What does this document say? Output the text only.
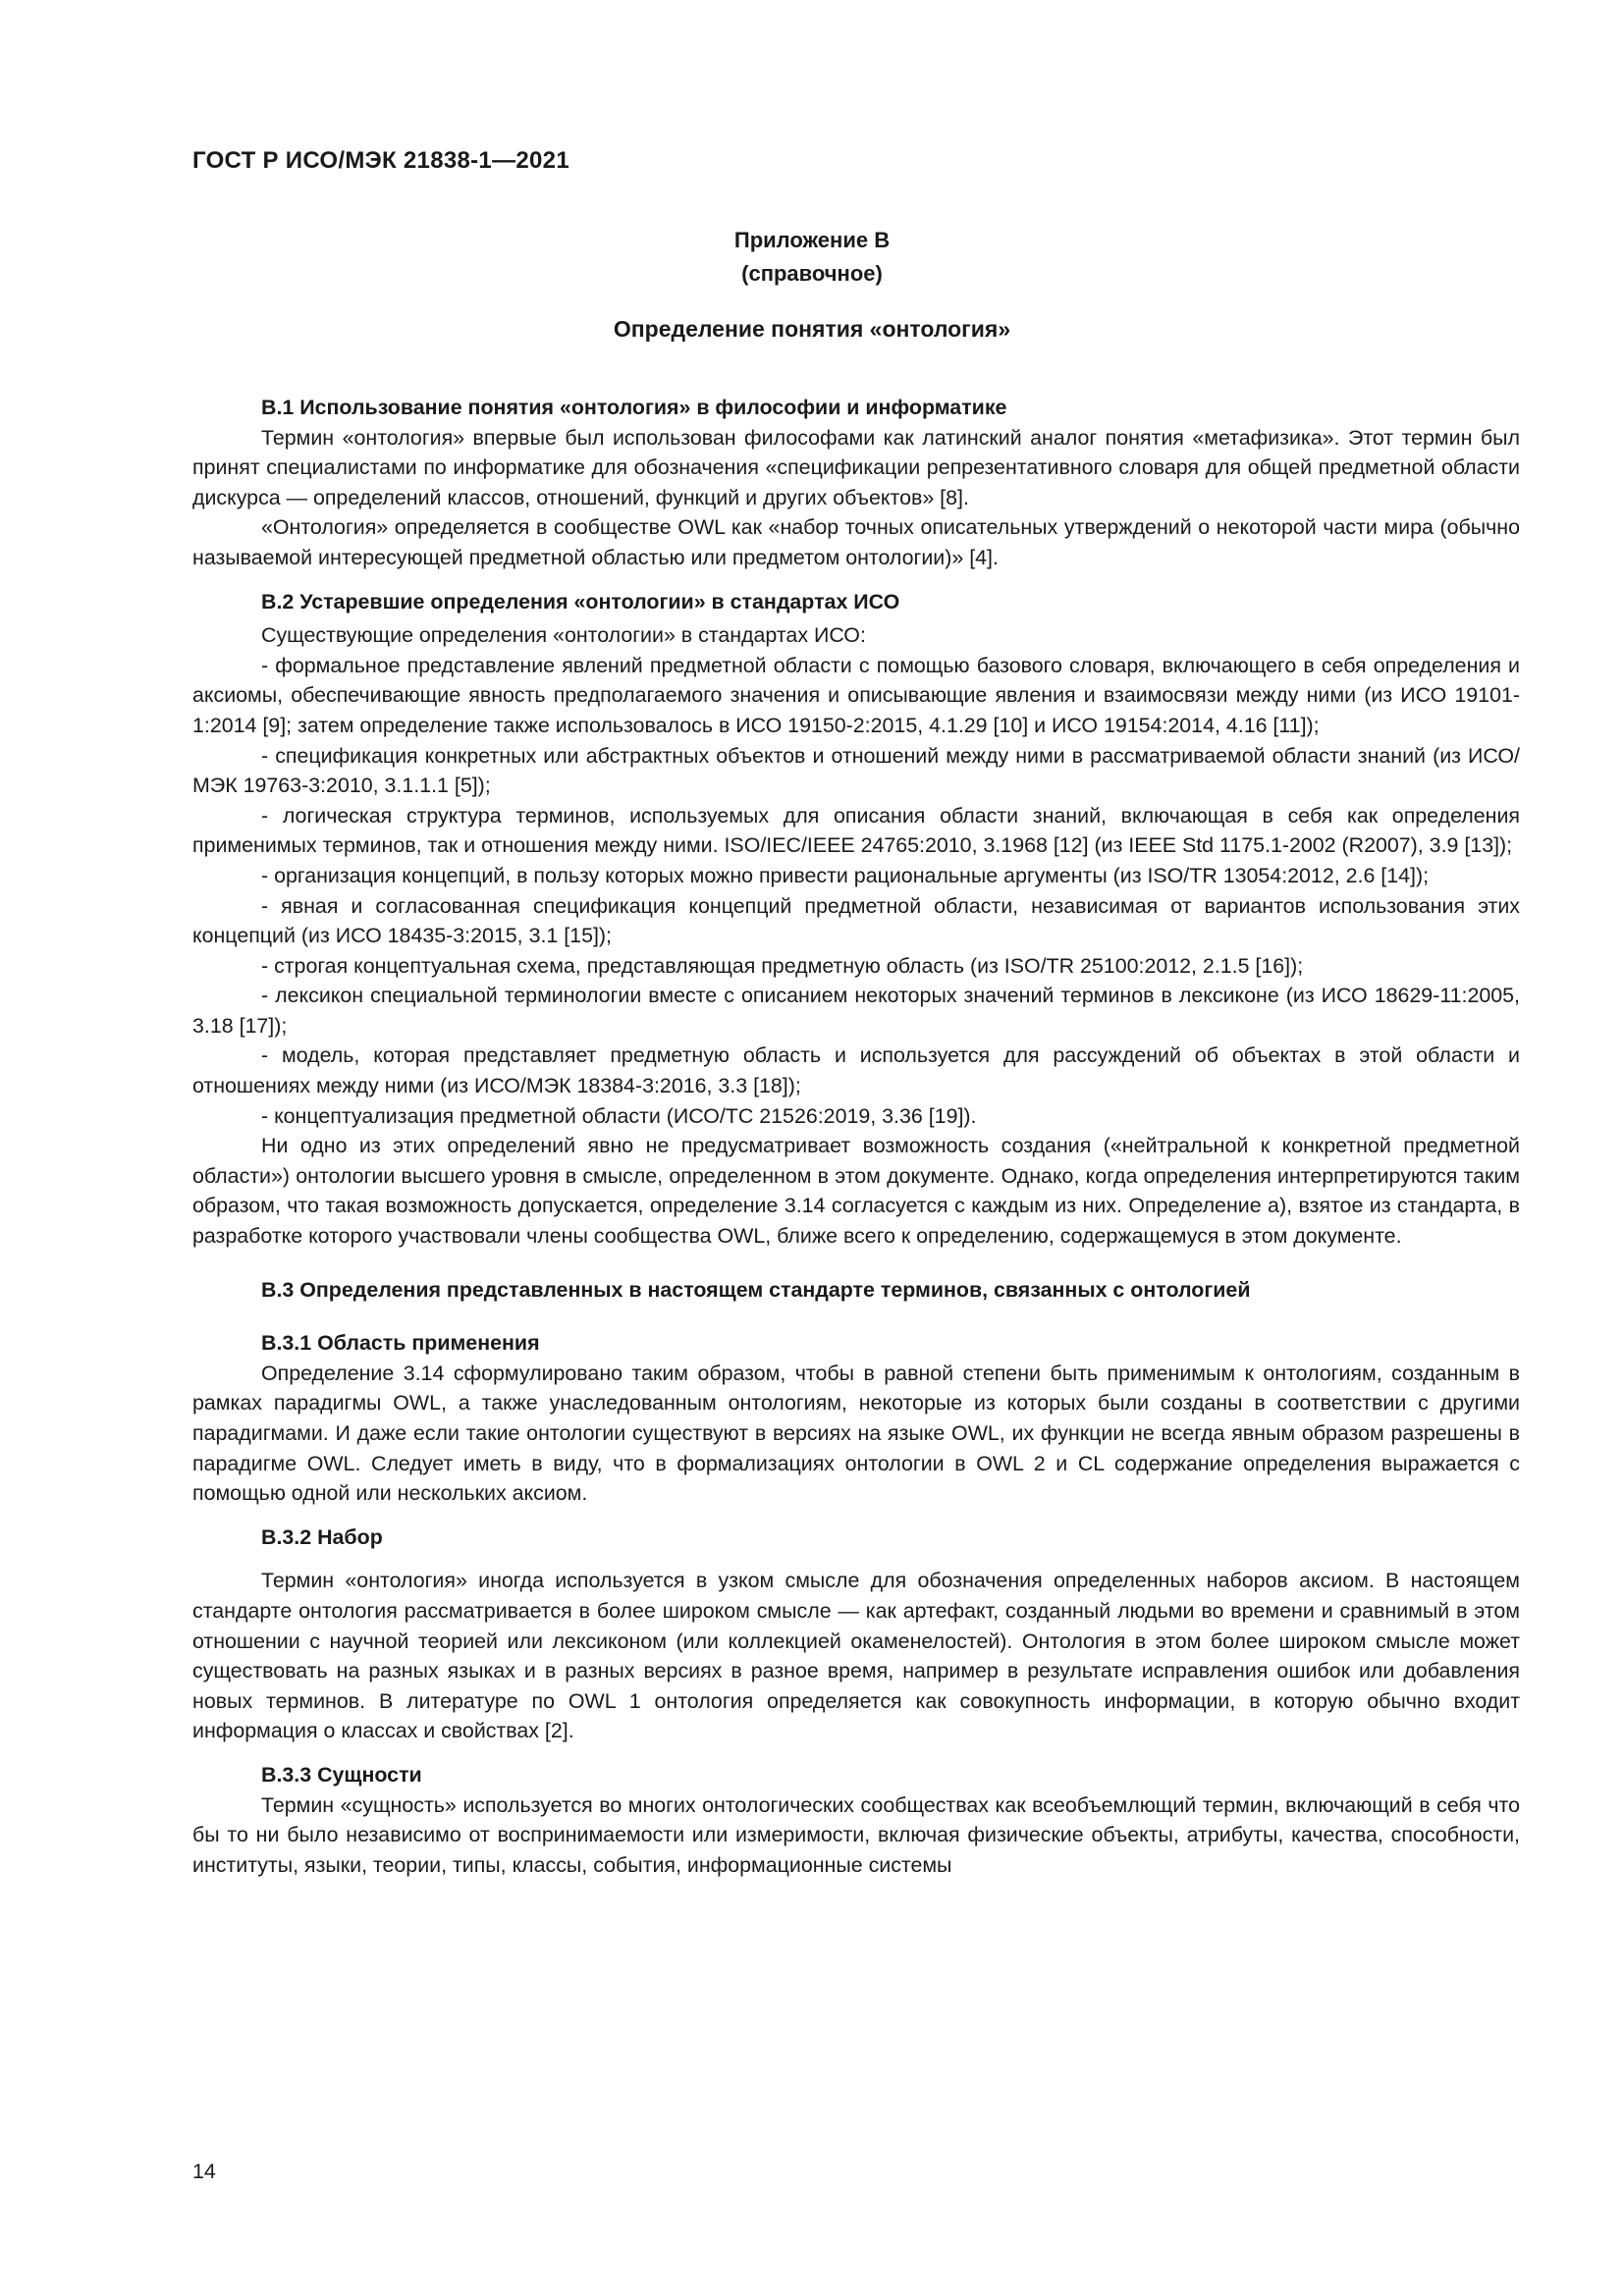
ГОСТ Р ИСО/МЭК 21838-1—2021
Приложение В
(справочное)
Определение понятия «онтология»
В.1 Использование понятия «онтология» в философии и информатике

Термин «онтология» впервые был использован философами как латинский аналог понятия «метафизика». Этот термин был принят специалистами по информатике для обозначения «спецификации репрезентативного словаря для общей предметной области дискурса — определений классов, отношений, функций и других объектов» [8].

«Онтология» определяется в сообществе OWL как «набор точных описательных утверждений о некоторой части мира (обычно называемой интересующей предметной областью или предметом онтологии)» [4].

В.2 Устаревшие определения «онтологии» в стандартах ИСО

Существующие определения «онтологии» в стандартах ИСО:

- формальное представление явлений предметной области с помощью базового словаря, включающего в себя определения и аксиомы, обеспечивающие явность предполагаемого значения и описывающие явления и взаимосвязи между ними (из ИСО 19101-1:2014 [9]; затем определение также использовалось в ИСО 19150-2:2015, 4.1.29 [10] и ИСО 19154:2014, 4.16 [11]);

- спецификация конкретных или абстрактных объектов и отношений между ними в рассматриваемой области знаний (из ИСО/МЭК 19763-3:2010, 3.1.1.1 [5]);

- логическая структура терминов, используемых для описания области знаний, включающая в себя как определения применимых терминов, так и отношения между ними. ISO/IEC/IEEE 24765:2010, 3.1968 [12] (из IEEE Std 1175.1-2002 (R2007), 3.9 [13]);

- организация концепций, в пользу которых можно привести рациональные аргументы (из ISO/TR 13054:2012, 2.6 [14]);

- явная и согласованная спецификация концепций предметной области, независимая от вариантов использования этих концепций (из ИСО 18435-3:2015, 3.1 [15]);

- строгая концептуальная схема, представляющая предметную область (из ISO/TR 25100:2012, 2.1.5 [16]);

- лексикон специальной терминологии вместе с описанием некоторых значений терминов в лексиконе (из ИСО 18629-11:2005, 3.18 [17]);

- модель, которая представляет предметную область и используется для рассуждений об объектах в этой области и отношениях между ними (из ИСО/МЭК 18384-3:2016, 3.3 [18]);

- концептуализация предметной области (ИСО/ТС 21526:2019, 3.36 [19]).

Ни одно из этих определений явно не предусматривает возможность создания («нейтральной к конкретной предметной области») онтологии высшего уровня в смысле, определенном в этом документе. Однако, когда определения интерпретируются таким образом, что такая возможность допускается, определение 3.14 согласуется с каждым из них. Определение а), взятое из стандарта, в разработке которого участвовали члены сообщества OWL, ближе всего к определению, содержащемуся в этом документе.

В.3 Определения представленных в настоящем стандарте терминов, связанных с онтологией
В.3.1 Область применения

Определение 3.14 сформулировано таким образом, чтобы в равной степени быть применимым к онтологиям, созданным в рамках парадигмы OWL, а также унаследованным онтологиям, некоторые из которых были созданы в соответствии с другими парадигмами. И даже если такие онтологии существуют в версиях на языке OWL, их функции не всегда явным образом разрешены в парадигме OWL. Следует иметь в виду, что в формализациях онтологии в OWL 2 и CL содержание определения выражается с помощью одной или нескольких аксиом.

В.3.2 Набор

Термин «онтология» иногда используется в узком смысле для обозначения определенных наборов аксиом. В настоящем стандарте онтология рассматривается в более широком смысле — как артефакт, созданный людьми во времени и сравнимый в этом отношении с научной теорией или лексиконом (или коллекцией окаменелостей). Онтология в этом более широком смысле может существовать на разных языках и в разных версиях в разное время, например в результате исправления ошибок или добавления новых терминов. В литературе по OWL 1 онтология определяется как совокупность информации, в которую обычно входит информация о классах и свойствах [2].

В.3.3 Сущности

Термин «сущность» используется во многих онтологических сообществах как всеобъемлющий термин, включающий в себя что бы то ни было независимо от воспринимаемости или измеримости, включая физические объекты, атрибуты, качества, способности, институты, языки, теории, типы, классы, события, информационные системы

14
